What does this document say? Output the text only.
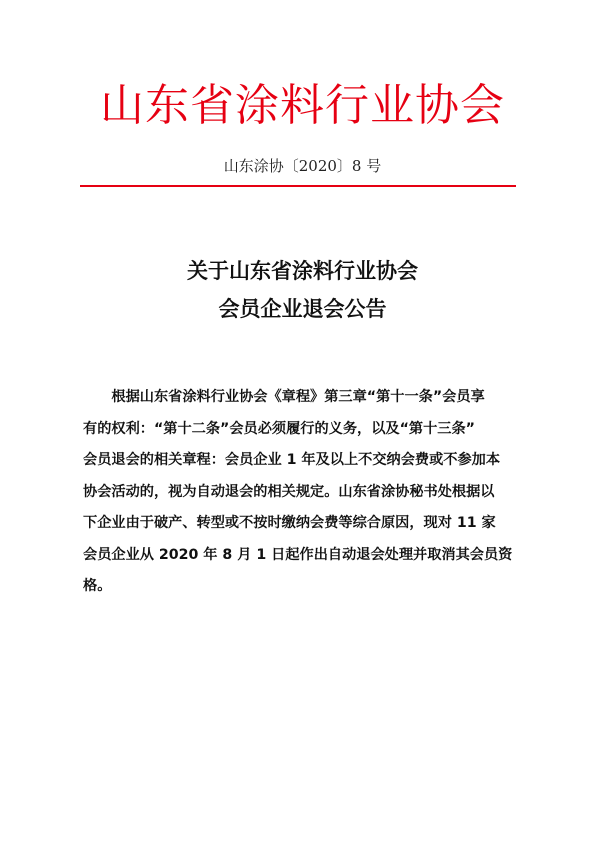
山东省涂料行业协会
山东涂协〔2020〕8 号
关于山东省涂料行业协会
会员企业退会公告
　　根据山东省涂料行业协会《章程》第三章“第十一条”会员享
有的权利：“第十二条”会员必须履行的义务，以及“第十三条”
会员退会的相关章程：会员企业 1 年及以上不交纳会费或不参加本
协会活动的，视为自动退会的相关规定。山东省涂协秘书处根据以
下企业由于破产、转型或不按时缴纳会费等综合原因，现对 11 家
会员企业从 2020 年 8 月 1 日起作出自动退会处理并取消其会员资
格。
